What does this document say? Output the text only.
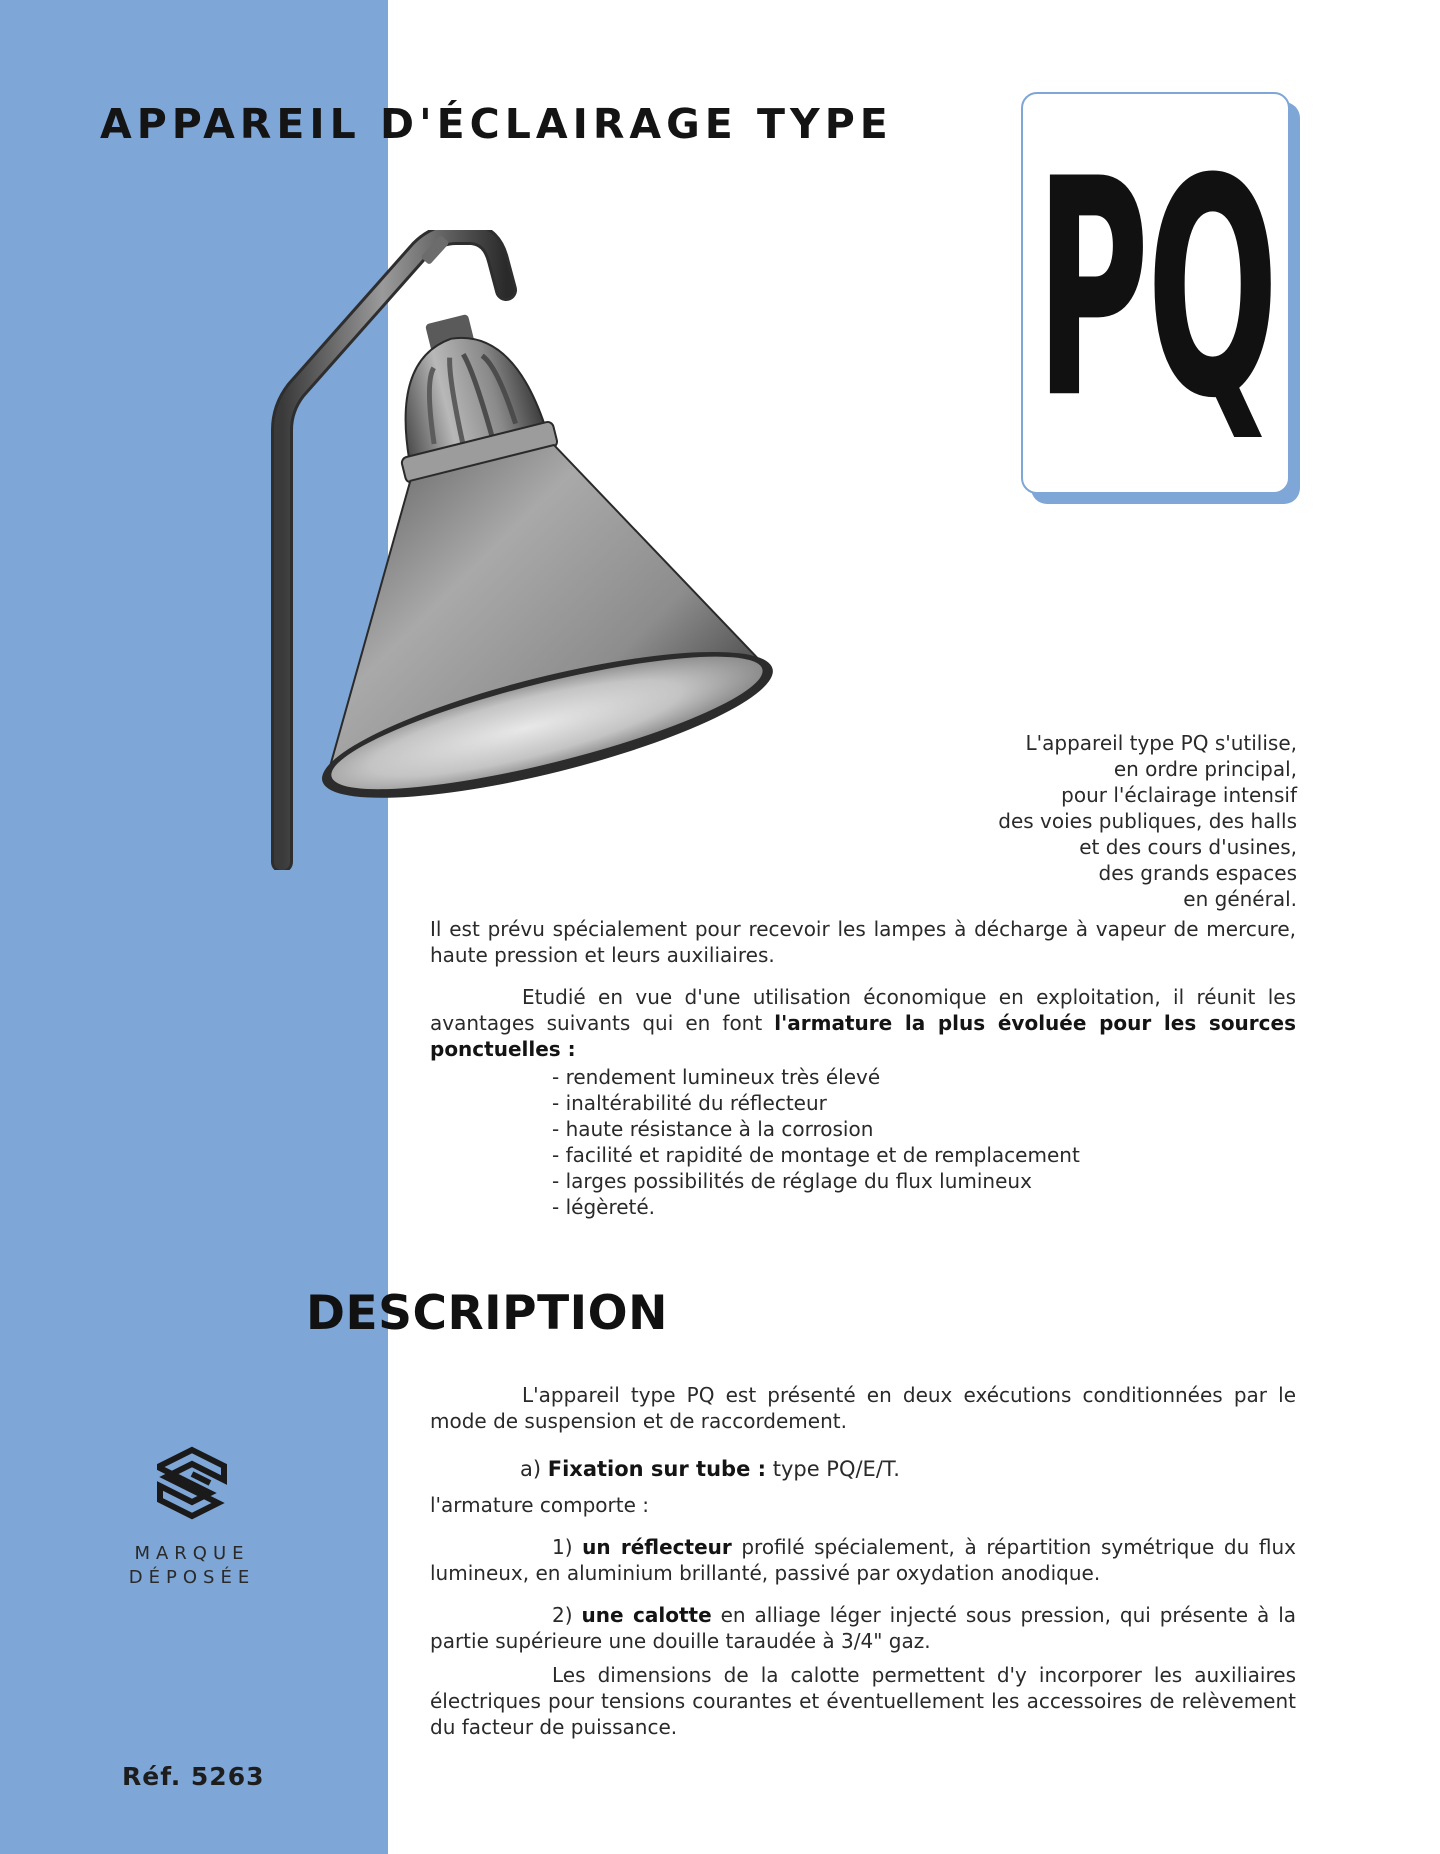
APPAREIL D'ÉCLAIRAGE TYPE PQ
L'appareil type PQ s'utilise,
en ordre principal,
pour l'éclairage intensif
des voies publiques, des halls
et des cours d'usines,
des grands espaces
en général.

Il est prévu spécialement pour recevoir les lampes à décharge à vapeur de mercure, haute pression et leurs auxiliaires.

Etudié en vue d'une utilisation économique en exploitation, il réunit les avantages suivants qui en font l'armature la plus évoluée pour les sources ponctuelles :

- rendement lumineux très élevé
- inaltérabilité du réflecteur
- haute résistance à la corrosion
- facilité et rapidité de montage et de remplacement
- larges possibilités de réglage du flux lumineux
- légèreté.
DESCRIPTION

L'appareil type PQ est présenté en deux exécutions conditionnées par le mode de suspension et de raccordement.

a) Fixation sur tube : type PQ/E/T.

l'armature comporte :

1) un réflecteur profilé spécialement, à répartition symétrique du flux lumineux, en aluminium brillanté, passivé par oxydation anodique.

2) une calotte en alliage léger injecté sous pression, qui présente à la partie supérieure une douille taraudée à 3/4" gaz.

Les dimensions de la calotte permettent d'y incorporer les auxiliaires électriques pour tensions courantes et éventuellement les accessoires de relèvement du facteur de puissance.

MARQUE
DÉPOSÉE
Réf. 5263
